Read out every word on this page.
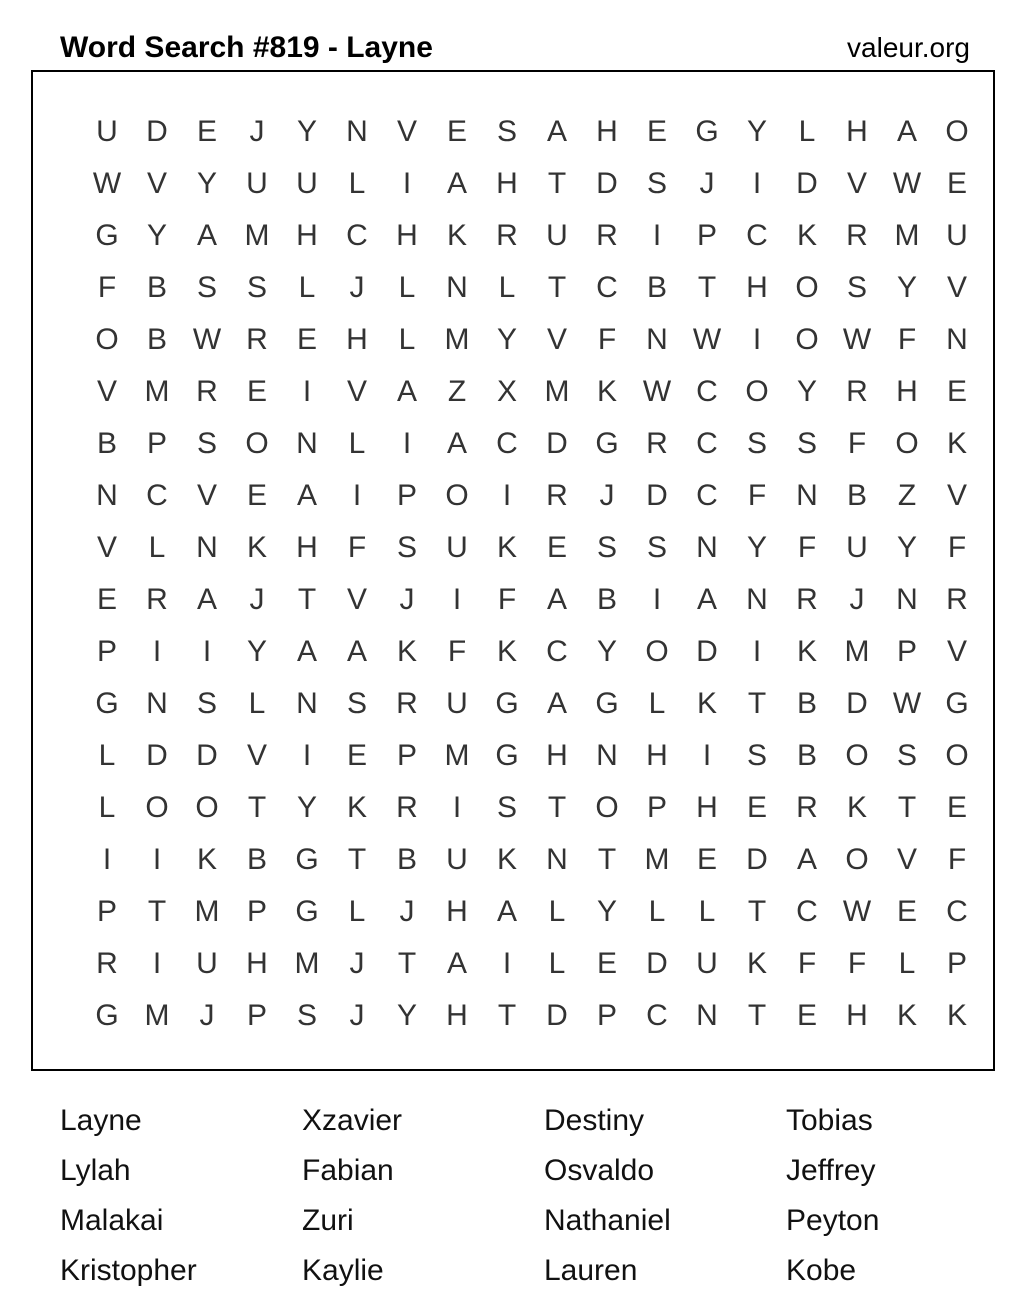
Word Search #819 - Layne	valeur.org
U D E	J	Y N V E S A H E G Y	L	H A O
W V Y U U	L	I	A H	T	D S	J	I	D V W E
G Y A M H C H K R U R	I	P C K R M U
F	B S S	L	J	L	N	L	T	C B	T	H O S Y V
O B W R E H	L M Y V	F	N W	I	O W F	N
V M R E	I	V A	Z	X M K W C O Y R H E
B P S O N	L	I	A C D G R C S S	F O K
N C V E A	I	P O	I	R	J	D C	F	N B	Z	V
V	L	N K H	F	S U K E S S N Y	F	U Y	F
E R A	J	T	V	J	I	F	A B	I	A N R	J	N R
P	I	I	Y A A K	F	K C Y O D	I	K M P V
G N S	L	N S R U G A G L	K	T	B D W G
L	D D V	I	E P M G H N H	I	S B O S O
L O O T	Y K R	I	S	T O P H E R K	T	E
I	I	K B G T	B U K N	T M E D A O V	F
P	T M P G L	J	H A	L	Y	L	L	T	C W E C
R	I	U H M	J	T	A	I	L	E D U K	F	F	L	P
G M	J	P S	J	Y H	T	D P C N	T	E H K K
Layne	Xzavier	Destiny	Tobias
Lylah	Fabian	Osvaldo	Jeffrey
Malakai	Zuri	Nathaniel	Peyton
Kristopher	Kaylie	Lauren	Kobe
